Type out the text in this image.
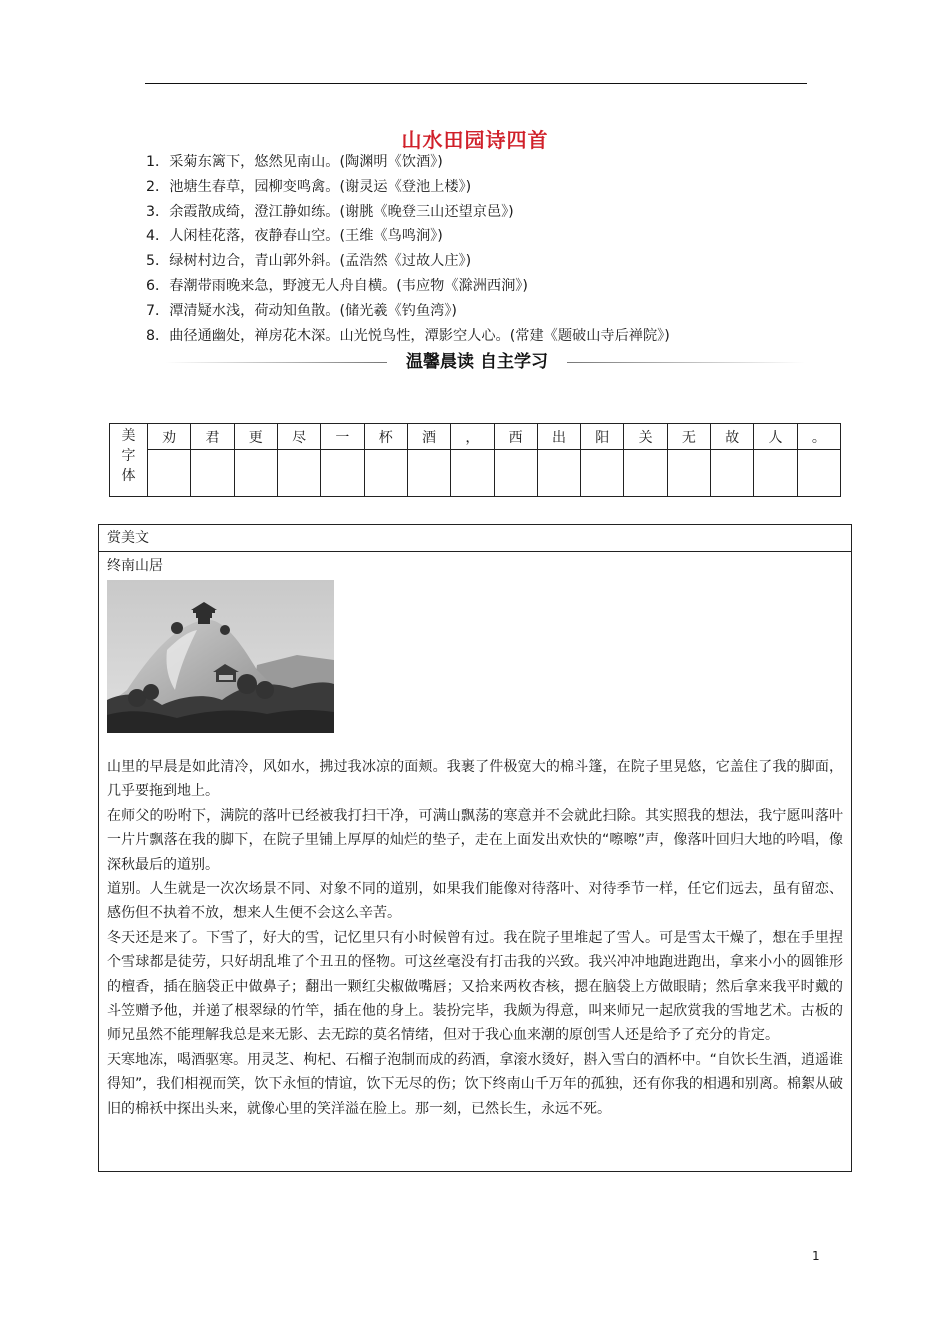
山水田园诗四首
1．采菊东篱下，悠然见南山。(陶渊明《饮酒》)
2．池塘生春草，园柳变鸣禽。(谢灵运《登池上楼》)
3．余霞散成绮，澄江静如练。(谢朓《晚登三山还望京邑》)
4．人闲桂花落，夜静春山空。(王维《鸟鸣涧》)
5．绿树村边合，青山郭外斜。(孟浩然《过故人庄》)
6．春潮带雨晚来急，野渡无人舟自横。(韦应物《滁洲西涧》)
7．潭清疑水浅，荷动知鱼散。(储光羲《钓鱼湾》)
8．曲径通幽处，禅房花木深。山光悦鸟性，潭影空人心。(常建《题破山寺后禅院》)
温馨晨读 自主学习
美
字
体	劝	君	更	尽	一	杯	酒	，	西	出	阳	关	无	故	人	。

赏美文
终南山居

山里的早晨是如此清冷，风如水，拂过我冰凉的面颊。我裹了件极宽大的棉斗篷，在院子里晃悠，它盖住了我的脚面，几乎要拖到地上。

在师父的吩咐下，满院的落叶已经被我打扫干净，可满山飘荡的寒意并不会就此扫除。其实照我的想法，我宁愿叫落叶一片片飘落在我的脚下，在院子里铺上厚厚的灿烂的垫子，走在上面发出欢快的“嚓嚓”声，像落叶回归大地的吟唱，像深秋最后的道别。

道别。人生就是一次次场景不同、对象不同的道别，如果我们能像对待落叶、对待季节一样，任它们远去，虽有留恋、感伤但不执着不放，想来人生便不会这么辛苦。

冬天还是来了。下雪了，好大的雪，记忆里只有小时候曾有过。我在院子里堆起了雪人。可是雪太干燥了，想在手里捏个雪球都是徒劳，只好胡乱堆了个丑丑的怪物。可这丝毫没有打击我的兴致。我兴冲冲地跑进跑出，拿来小小的圆锥形的檀香，插在脑袋正中做鼻子；翻出一颗红尖椒做嘴唇；又拾来两枚杏核，摁在脑袋上方做眼睛；然后拿来我平时戴的斗笠赠予他，并递了根翠绿的竹竿，插在他的身上。装扮完毕，我颇为得意，叫来师兄一起欣赏我的雪地艺术。古板的师兄虽然不能理解我总是来无影、去无踪的莫名情绪，但对于我心血来潮的原创雪人还是给予了充分的肯定。

天寒地冻，喝酒驱寒。用灵芝、枸杞、石榴子泡制而成的药酒，拿滚水烫好，斟入雪白的酒杯中。“自饮长生酒，逍遥谁得知”，我们相视而笑，饮下永恒的情谊，饮下无尽的伤；饮下终南山千万年的孤独，还有你我的相遇和别离。棉絮从破旧的棉袄中探出头来，就像心里的笑洋溢在脸上。那一刻，已然长生，永远不死。

1
